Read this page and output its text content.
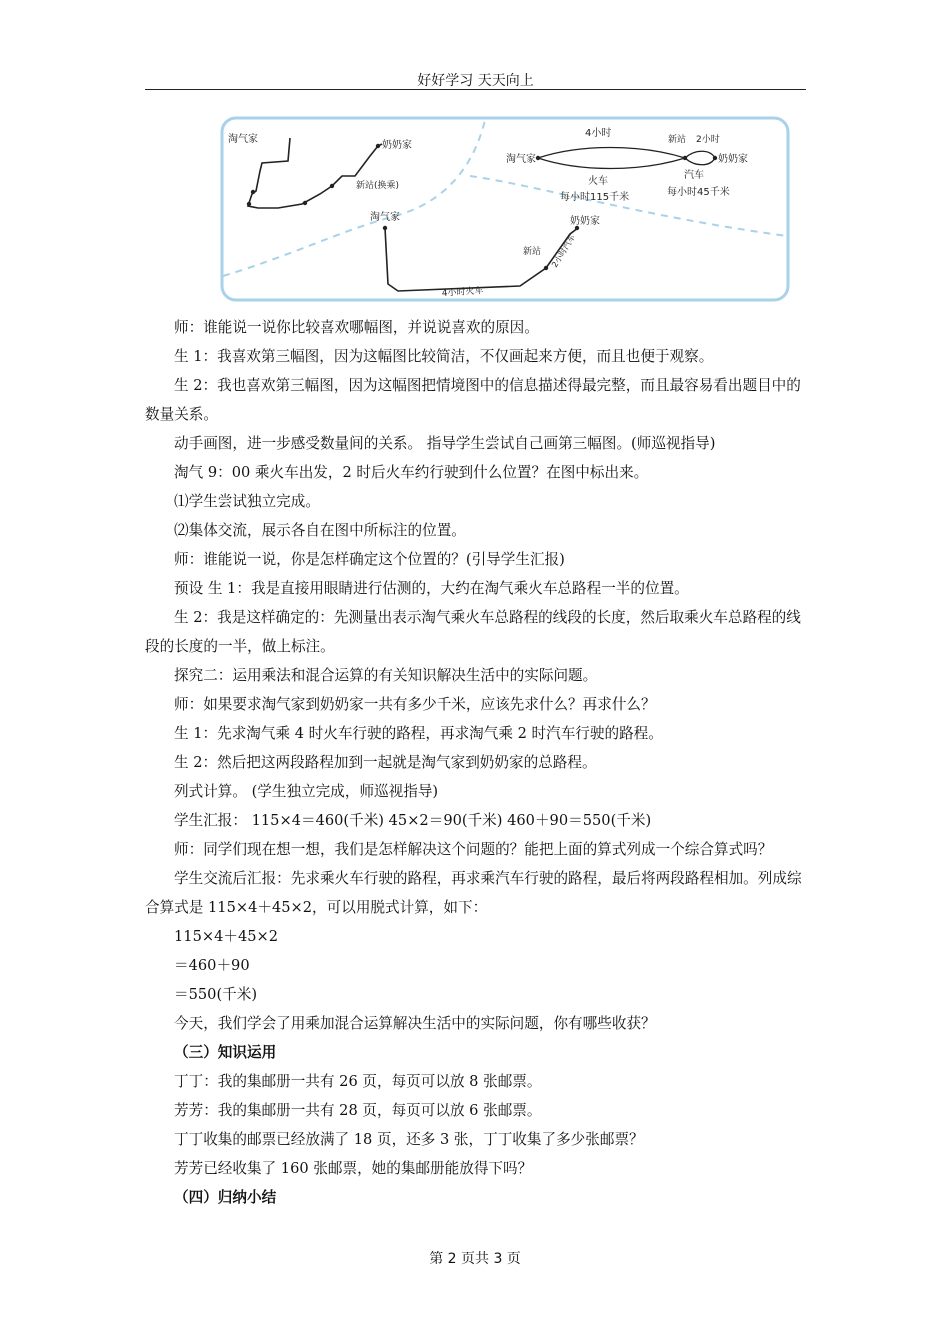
好好学习 天天向上
淘气家
奶奶家
新站(换乘)
淘气家	奶奶家
新站
4小时
2小时
火车
每小时115千米
汽车
每小时45千米
淘气家	奶奶家
新站
4小时火车
2小时汽车

师：谁能说一说你比较喜欢哪幅图，并说说喜欢的原因。

生 1：我喜欢第三幅图，因为这幅图比较简洁，不仅画起来方便，而且也便于观察。

生 2：我也喜欢第三幅图，因为这幅图把情境图中的信息描述得最完整，而且最容易看出题目中的数量关系。

动手画图，进一步感受数量间的关系。 指导学生尝试自己画第三幅图。(师巡视指导)

淘气 9：00 乘火车出发，2 时后火车约行驶到什么位置？在图中标出来。

⑴学生尝试独立完成。

⑵集体交流，展示各自在图中所标注的位置。

师：谁能说一说，你是怎样确定这个位置的？(引导学生汇报)

预设 生 1：我是直接用眼睛进行估测的，大约在淘气乘火车总路程一半的位置。

生 2：我是这样确定的：先测量出表示淘气乘火车总路程的线段的长度，然后取乘火车总路程的线段的长度的一半，做上标注。

探究二：运用乘法和混合运算的有关知识解决生活中的实际问题。

师：如果要求淘气家到奶奶家一共有多少千米，应该先求什么？再求什么？

生 1：先求淘气乘 4 时火车行驶的路程，再求淘气乘 2 时汽车行驶的路程。

生 2：然后把这两段路程加到一起就是淘气家到奶奶家的总路程。

列式计算。 (学生独立完成，师巡视指导)

学生汇报： 115×4＝460(千米) 45×2＝90(千米) 460＋90＝550(千米)

师：同学们现在想一想，我们是怎样解决这个问题的？能把上面的算式列成一个综合算式吗？

学生交流后汇报：先求乘火车行驶的路程，再求乘汽车行驶的路程，最后将两段路程相加。列成综合算式是 115×4＋45×2，可以用脱式计算，如下：

115×4＋45×2

＝460＋90

＝550(千米)

今天，我们学会了用乘加混合运算解决生活中的实际问题，你有哪些收获？

（三）知识运用

丁丁：我的集邮册一共有 26 页，每页可以放 8 张邮票。

芳芳：我的集邮册一共有 28 页，每页可以放 6 张邮票。

丁丁收集的邮票已经放满了 18 页，还多 3 张，丁丁收集了多少张邮票？

芳芳已经收集了 160 张邮票，她的集邮册能放得下吗？

（四）归纳小结

第 2 页共 3 页
